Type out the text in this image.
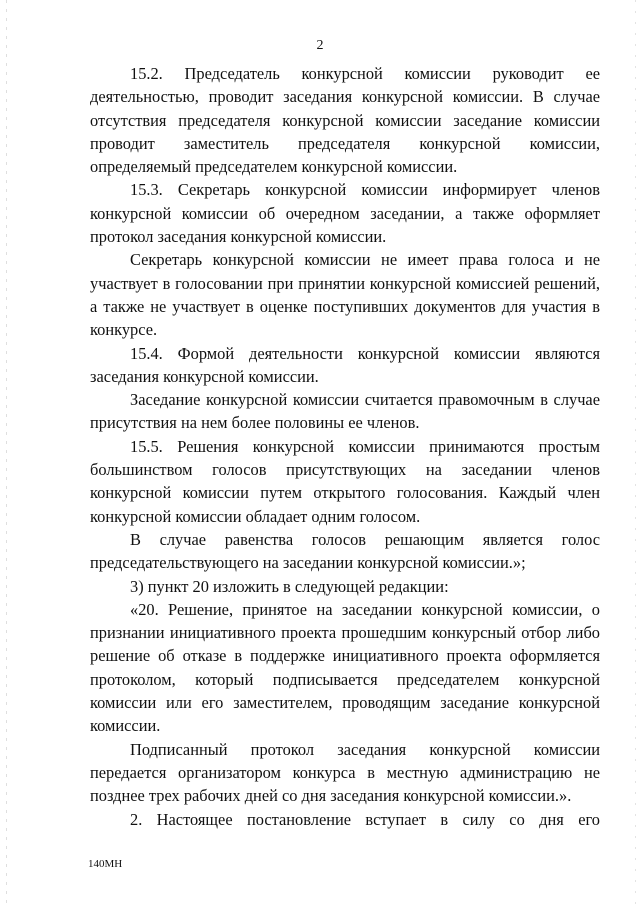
2

15.2. Председатель конкурсной комиссии руководит ее деятельностью, проводит заседания конкурсной комиссии. В случае отсутствия председателя конкурсной комиссии заседание комиссии проводит заместитель председателя конкурсной комиссии, определяемый председателем конкурсной комиссии.

15.3. Секретарь конкурсной комиссии информирует членов конкурсной комиссии об очередном заседании, а также оформляет протокол заседания конкурсной комиссии.

Секретарь конкурсной комиссии не имеет права голоса и не участвует в голосовании при принятии конкурсной комиссией решений, а также не участвует в оценке поступивших документов для участия в конкурсе.

15.4. Формой деятельности конкурсной комиссии являются заседания конкурсной комиссии.

Заседание конкурсной комиссии считается правомочным в случае присутствия на нем более половины ее членов.

15.5. Решения конкурсной комиссии принимаются простым большинством голосов присутствующих на заседании членов конкурсной комиссии путем открытого голосования. Каждый член конкурсной комиссии обладает одним голосом.

В случае равенства голосов решающим является голос председательствующего на заседании конкурсной комиссии.»;

3) пункт 20 изложить в следующей редакции:

«20. Решение, принятое на заседании конкурсной комиссии, о признании инициативного проекта прошедшим конкурсный отбор либо решение об отказе в поддержке инициативного проекта оформляется протоколом, который подписывается председателем конкурсной комиссии или его заместителем, проводящим заседание конкурсной комиссии.

Подписанный протокол заседания конкурсной комиссии передается организатором конкурса в местную администрацию не позднее трех рабочих дней со дня заседания конкурсной комиссии.».

2. Настоящее постановление вступает в силу со дня его

140МН
